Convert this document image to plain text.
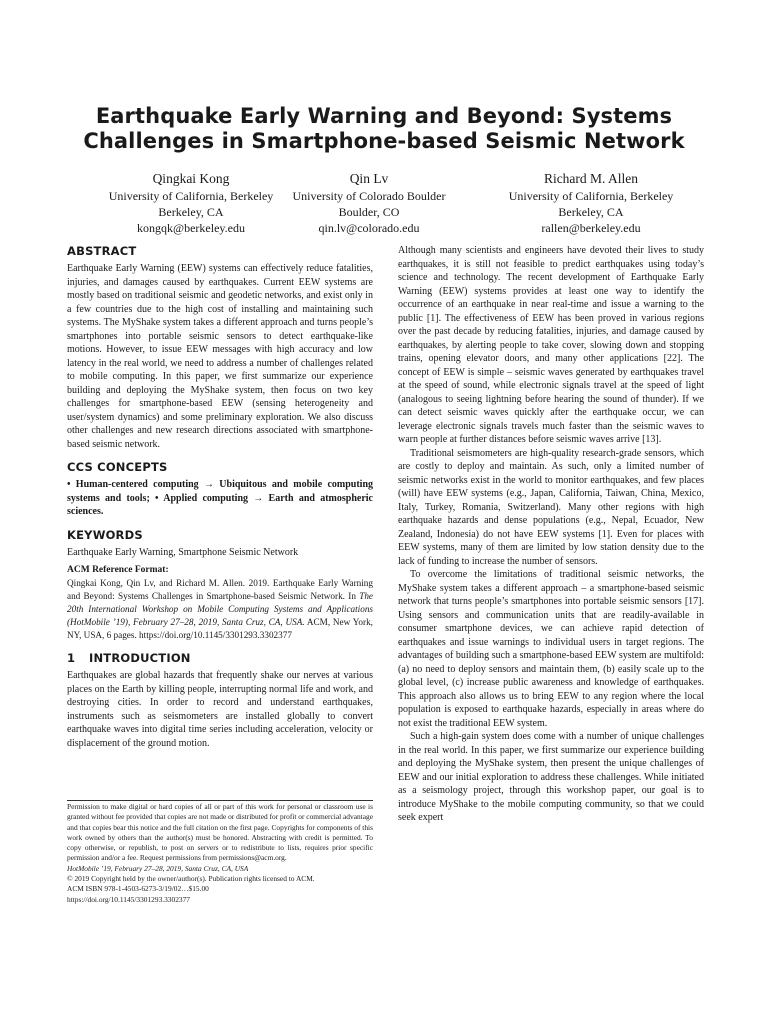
Earthquake Early Warning and Beyond: Systems Challenges in Smartphone-based Seismic Network
Qingkai Kong
University of California, Berkeley
Berkeley, CA
kongqk@berkeley.edu
Qin Lv
University of Colorado Boulder
Boulder, CO
qin.lv@colorado.edu
Richard M. Allen
University of California, Berkeley
Berkeley, CA
rallen@berkeley.edu
ABSTRACT

Earthquake Early Warning (EEW) systems can effectively reduce fatalities, injuries, and damages caused by earthquakes. Current EEW systems are mostly based on traditional seismic and geodetic networks, and exist only in a few countries due to the high cost of installing and maintaining such systems. The MyShake system takes a different approach and turns people’s smartphones into portable seismic sensors to detect earthquake-like motions. However, to issue EEW messages with high accuracy and low latency in the real world, we need to address a number of challenges related to mobile computing. In this paper, we first summarize our experience building and deploying the MyShake system, then focus on two key challenges for smartphone-based EEW (sensing heterogeneity and user/system dynamics) and some preliminary exploration. We also discuss other challenges and new research directions associated with smartphone-based seismic network.

CCS CONCEPTS

• Human-centered computing → Ubiquitous and mobile computing systems and tools; • Applied computing → Earth and atmospheric sciences.

KEYWORDS

Earthquake Early Warning, Smartphone Seismic Network

ACM Reference Format:

Qingkai Kong, Qin Lv, and Richard M. Allen. 2019. Earthquake Early Warning and Beyond: Systems Challenges in Smartphone-based Seismic Network. In The 20th International Workshop on Mobile Computing Systems and Applications (HotMobile ’19), February 27–28, 2019, Santa Cruz, CA, USA. ACM, New York, NY, USA, 6 pages. https://doi.org/10.1145/3301293.3302377

1 INTRODUCTION

Earthquakes are global hazards that frequently shake our nerves at various places on the Earth by killing people, interrupting normal life and work, and destroying cities. In order to record and understand earthquakes, instruments such as seismometers are installed globally to convert earthquake waves into digital time series including acceleration, velocity or displacement of the ground motion.

Permission to make digital or hard copies of all or part of this work for personal or classroom use is granted without fee provided that copies are not made or distributed for profit or commercial advantage and that copies bear this notice and the full citation on the first page. Copyrights for components of this work owned by others than the author(s) must be honored. Abstracting with credit is permitted. To copy otherwise, or republish, to post on servers or to redistribute to lists, requires prior specific permission and/or a fee. Request permissions from permissions@acm.org.
HotMobile ’19, February 27–28, 2019, Santa Cruz, CA, USA
© 2019 Copyright held by the owner/author(s). Publication rights licensed to ACM.
ACM ISBN 978-1-4503-6273-3/19/02…$15.00
https://doi.org/10.1145/3301293.3302377

Although many scientists and engineers have devoted their lives to study earthquakes, it is still not feasible to predict earthquakes using today’s science and technology. The recent development of Earthquake Early Warning (EEW) systems provides at least one way to identify the occurrence of an earthquake in near real-time and issue a warning to the public [1]. The effectiveness of EEW has been proved in various regions over the past decade by reducing fatalities, injuries, and damage caused by earthquakes, by alerting people to take cover, slowing down and stopping trains, opening elevator doors, and many other applications [22]. The concept of EEW is simple – seismic waves generated by earthquakes travel at the speed of sound, while electronic signals travel at the speed of light (analogous to seeing lightning before hearing the sound of thunder). If we can detect seismic waves quickly after the earthquake occur, we can leverage electronic signals travels much faster than the seismic waves to warn people at further distances before seismic waves arrive [13].

Traditional seismometers are high-quality research-grade sensors, which are costly to deploy and maintain. As such, only a limited number of seismic networks exist in the world to monitor earthquakes, and few places (will) have EEW systems (e.g., Japan, California, Taiwan, China, Mexico, Italy, Turkey, Romania, Switzerland). Many other regions with high earthquake hazards and dense populations (e.g., Nepal, Ecuador, New Zealand, Indonesia) do not have EEW systems [1]. Even for places with EEW systems, many of them are limited by low station density due to the lack of funding to increase the number of sensors.

To overcome the limitations of traditional seismic networks, the MyShake system takes a different approach – a smartphone-based seismic network that turns people’s smartphones into portable seismic sensors [17]. Using sensors and communication units that are readily-available in consumer smartphone devices, we can achieve rapid detection of earthquakes and issue warnings to individual users in target regions. The advantages of building such a smartphone-based EEW system are multifold: (a) no need to deploy sensors and maintain them, (b) easily scale up to the global level, (c) increase public awareness and knowledge of earthquakes. This approach also allows us to bring EEW to any region where the local population is exposed to earthquake hazards, especially in areas where do not exist the traditional EEW system.

Such a high-gain system does come with a number of unique challenges in the real world. In this paper, we first summarize our experience building and deploying the MyShake system, then present the unique challenges of EEW and our initial exploration to address these challenges. While initiated as a seismology project, through this workshop paper, our goal is to introduce MyShake to the mobile computing community, so that we could seek expert
